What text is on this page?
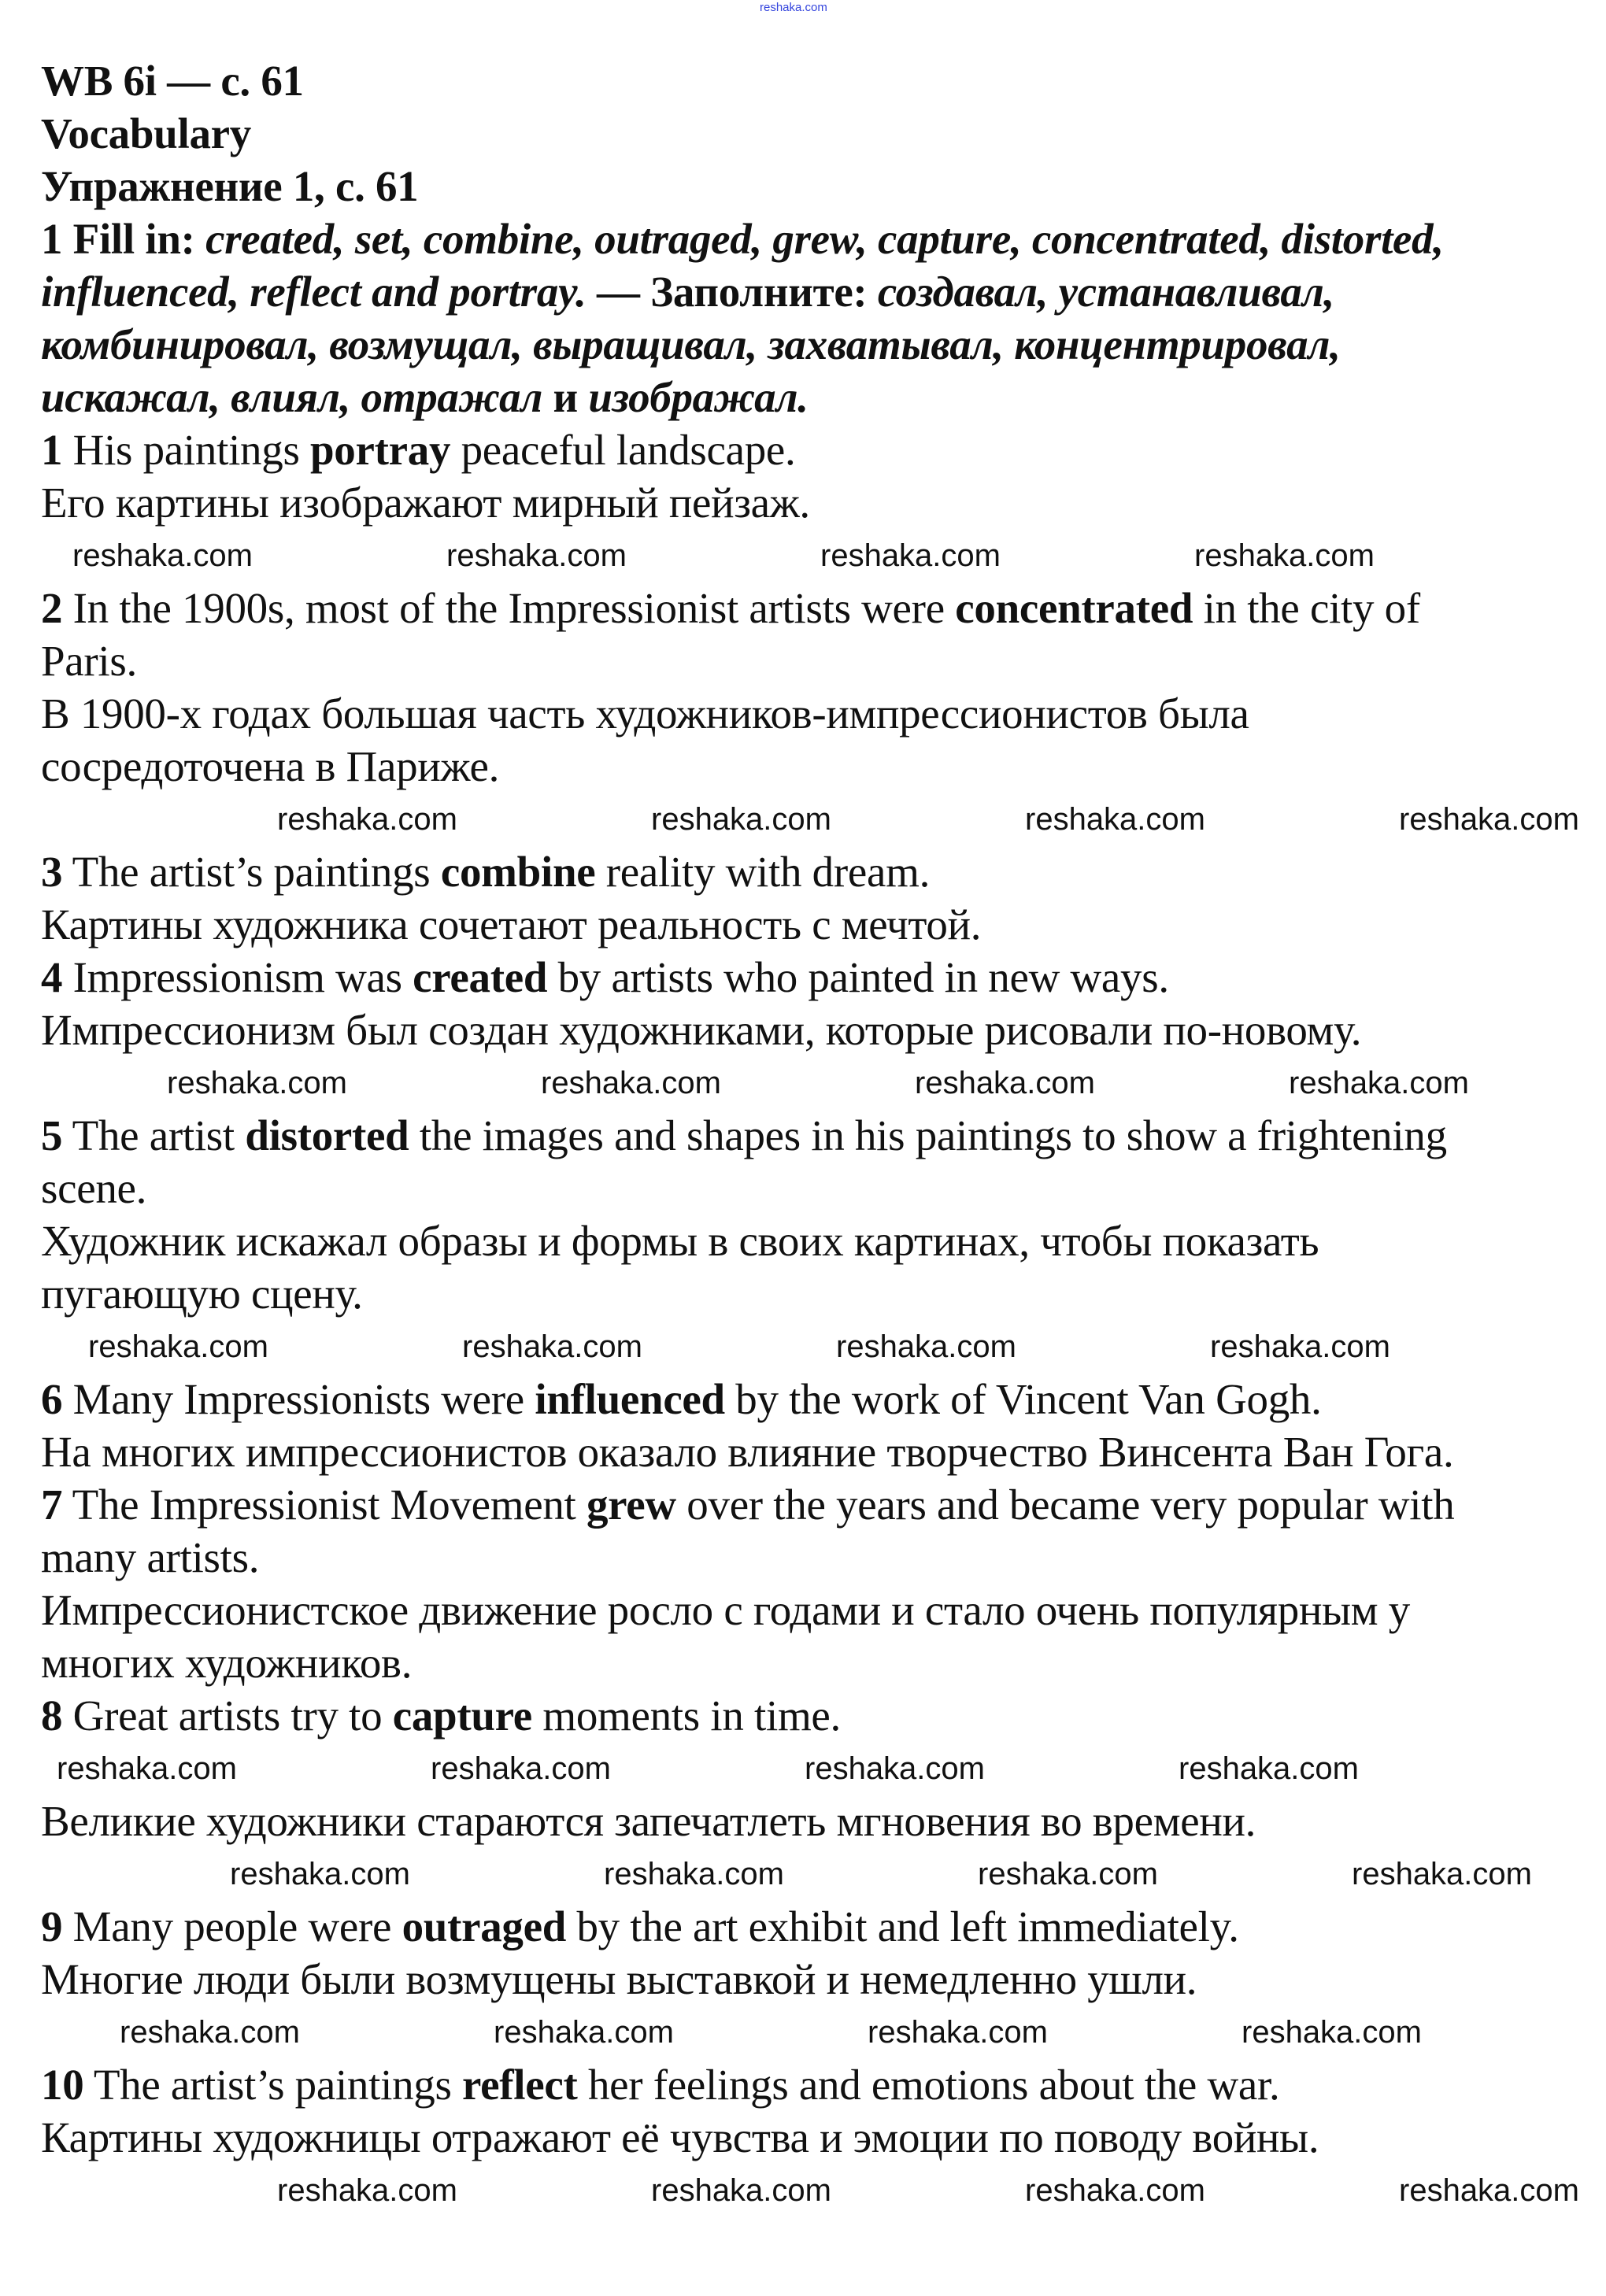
reshaka.com
WB 6i — с. 61
Vocabulary
Упражнение 1, с. 61
1 Fill in: created, set, combine, outraged, grew, capture, concentrated, distorted,
influenced, reflect and portray. — Заполните: создавал, устанавливал,
комбинировал, возмущал, выращивал, захватывал, концентрировал,
искажал, влиял, отражал и изображал.
1 His paintings portray peaceful landscape.
Его картины изображают мирный пейзаж.
reshaka.com	reshaka.com	reshaka.com	reshaka.com
2 In the 1900s, most of the Impressionist artists were concentrated in the city of
Paris.
В 1900-х годах большая часть художников-импрессионистов была
сосредоточена в Париже.
reshaka.com	reshaka.com	reshaka.com	reshaka.com
3 The artist’s paintings combine reality with dream.
Картины художника сочетают реальность с мечтой.
4 Impressionism was created by artists who painted in new ways.
Импрессионизм был создан художниками, которые рисовали по-новому.
reshaka.com	reshaka.com	reshaka.com	reshaka.com
5 The artist distorted the images and shapes in his paintings to show a frightening
scene.
Художник искажал образы и формы в своих картинах, чтобы показать
пугающую сцену.
reshaka.com	reshaka.com	reshaka.com	reshaka.com
6 Many Impressionists were influenced by the work of Vincent Van Gogh.
На многих импрессионистов оказало влияние творчество Винсента Ван Гога.
7 The Impressionist Movement grew over the years and became very popular with
many artists.
Импрессионистское движение росло с годами и стало очень популярным у
многих художников.
8 Great artists try to capture moments in time.
reshaka.com	reshaka.com	reshaka.com	reshaka.com
Великие художники стараются запечатлеть мгновения во времени.
reshaka.com	reshaka.com	reshaka.com	reshaka.com
9 Many people were outraged by the art exhibit and left immediately.
Многие люди были возмущены выставкой и немедленно ушли.
reshaka.com	reshaka.com	reshaka.com	reshaka.com
10 The artist’s paintings reflect her feelings and emotions about the war.
Картины художницы отражают её чувства и эмоции по поводу войны.
reshaka.com	reshaka.com	reshaka.com	reshaka.com
